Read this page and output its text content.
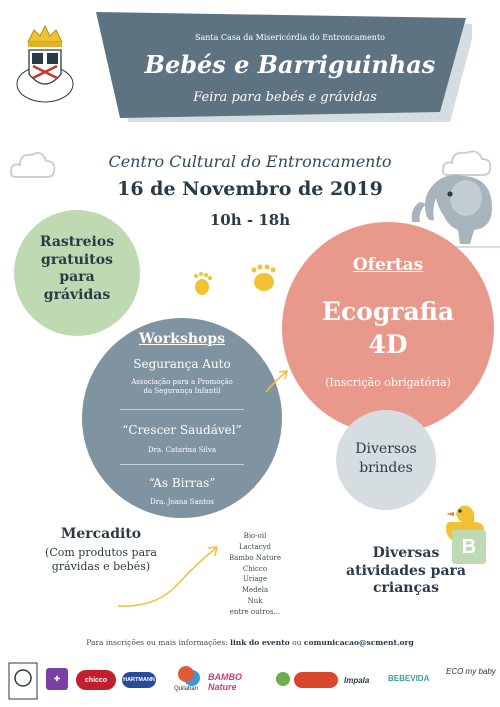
Santa Casa da Misericórdia do Entroncamento
Bebés e Barriguinhas
Feira para bebés e grávidas
Centro Cultural do Entroncamento
16 de Novembro de 2019
10h - 18h
Rastreios
gratuitos
para
grávidas
Ofertas
Ecografia
4D
(Inscrição obrigatória)
Workshops
Segurança Auto
Associação para a Promoção
da Segurança Infantil
“Crescer Saudável”
Dra. Catarina Silva
“As Birras”
Dra. Joana Santos
Diversos
brindes
B
Mercadito
(Com produtos para
grávidas e bebés)
Bio-oil
Lactacyd
Bambo Nature
Chicco
Uriage
Medela
Nuk
entre outros...
Diversas
atividades para
crianças
Para inscrições ou mais informações: link do evento ou comunicacao@scment.org
✚	chicco	HARTMANN
Quilaban
BAMBO Nature
Impala	BEBEVIDA
ECO my baby
